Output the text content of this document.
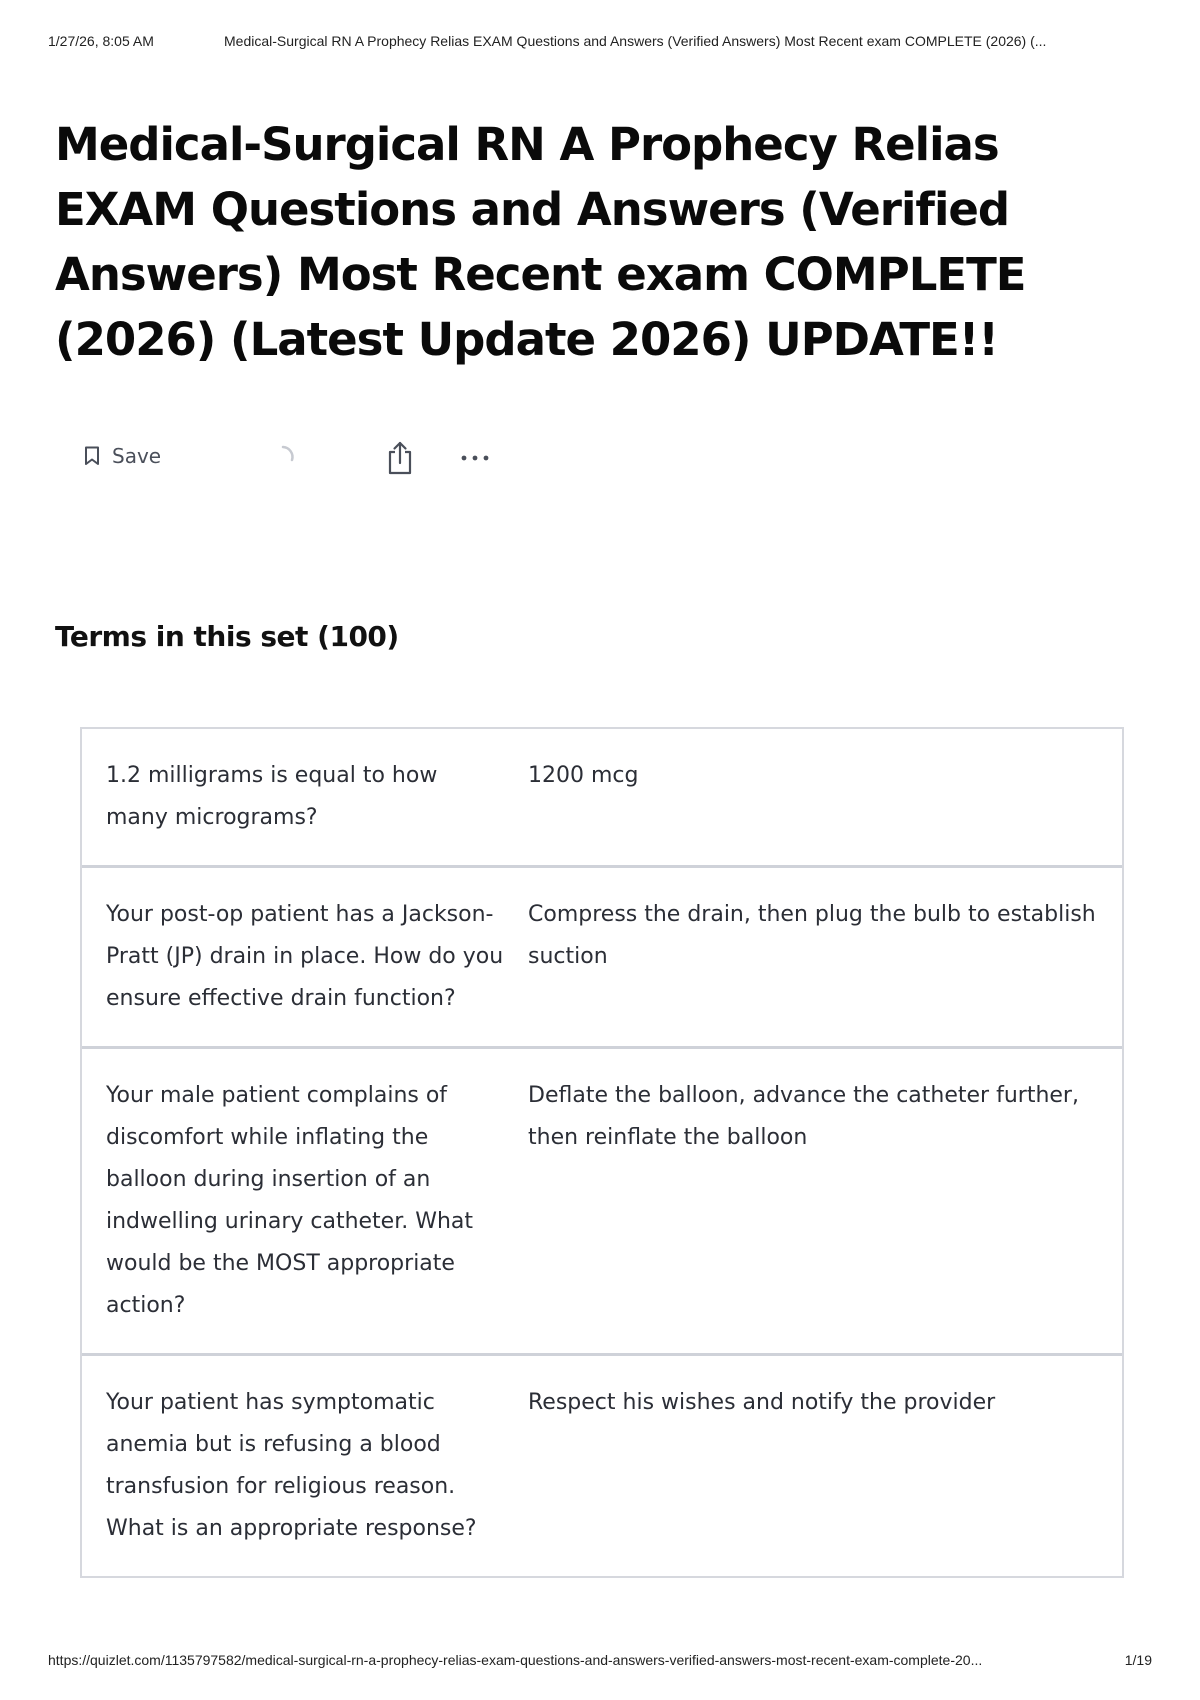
1/27/26, 8:05 AM	Medical-Surgical RN A Prophecy Relias EXAM Questions and Answers (Verified Answers) Most Recent exam COMPLETE (2026) (...
Medical-Surgical RN A Prophecy Relias EXAM Questions and Answers (Verified Answers) Most Recent exam COMPLETE (2026) (Latest Update 2026) UPDATE!!
Save
Terms in this set (100)
1.2 milligrams is equal to how many micrograms?
1200 mcg
Your post-op patient has a Jackson-Pratt (JP) drain in place. How do you ensure effective drain function?
Compress the drain, then plug the bulb to establish suction
Your male patient complains of discomfort while inflating the balloon during insertion of an indwelling urinary catheter. What would be the MOST appropriate action?
Deflate the balloon, advance the catheter further, then reinflate the balloon
Your patient has symptomatic anemia but is refusing a blood transfusion for religious reason. What is an appropriate response?
Respect his wishes and notify the provider
https://quizlet.com/1135797582/medical-surgical-rn-a-prophecy-relias-exam-questions-and-answers-verified-answers-most-recent-exam-complete-20...	1/19
